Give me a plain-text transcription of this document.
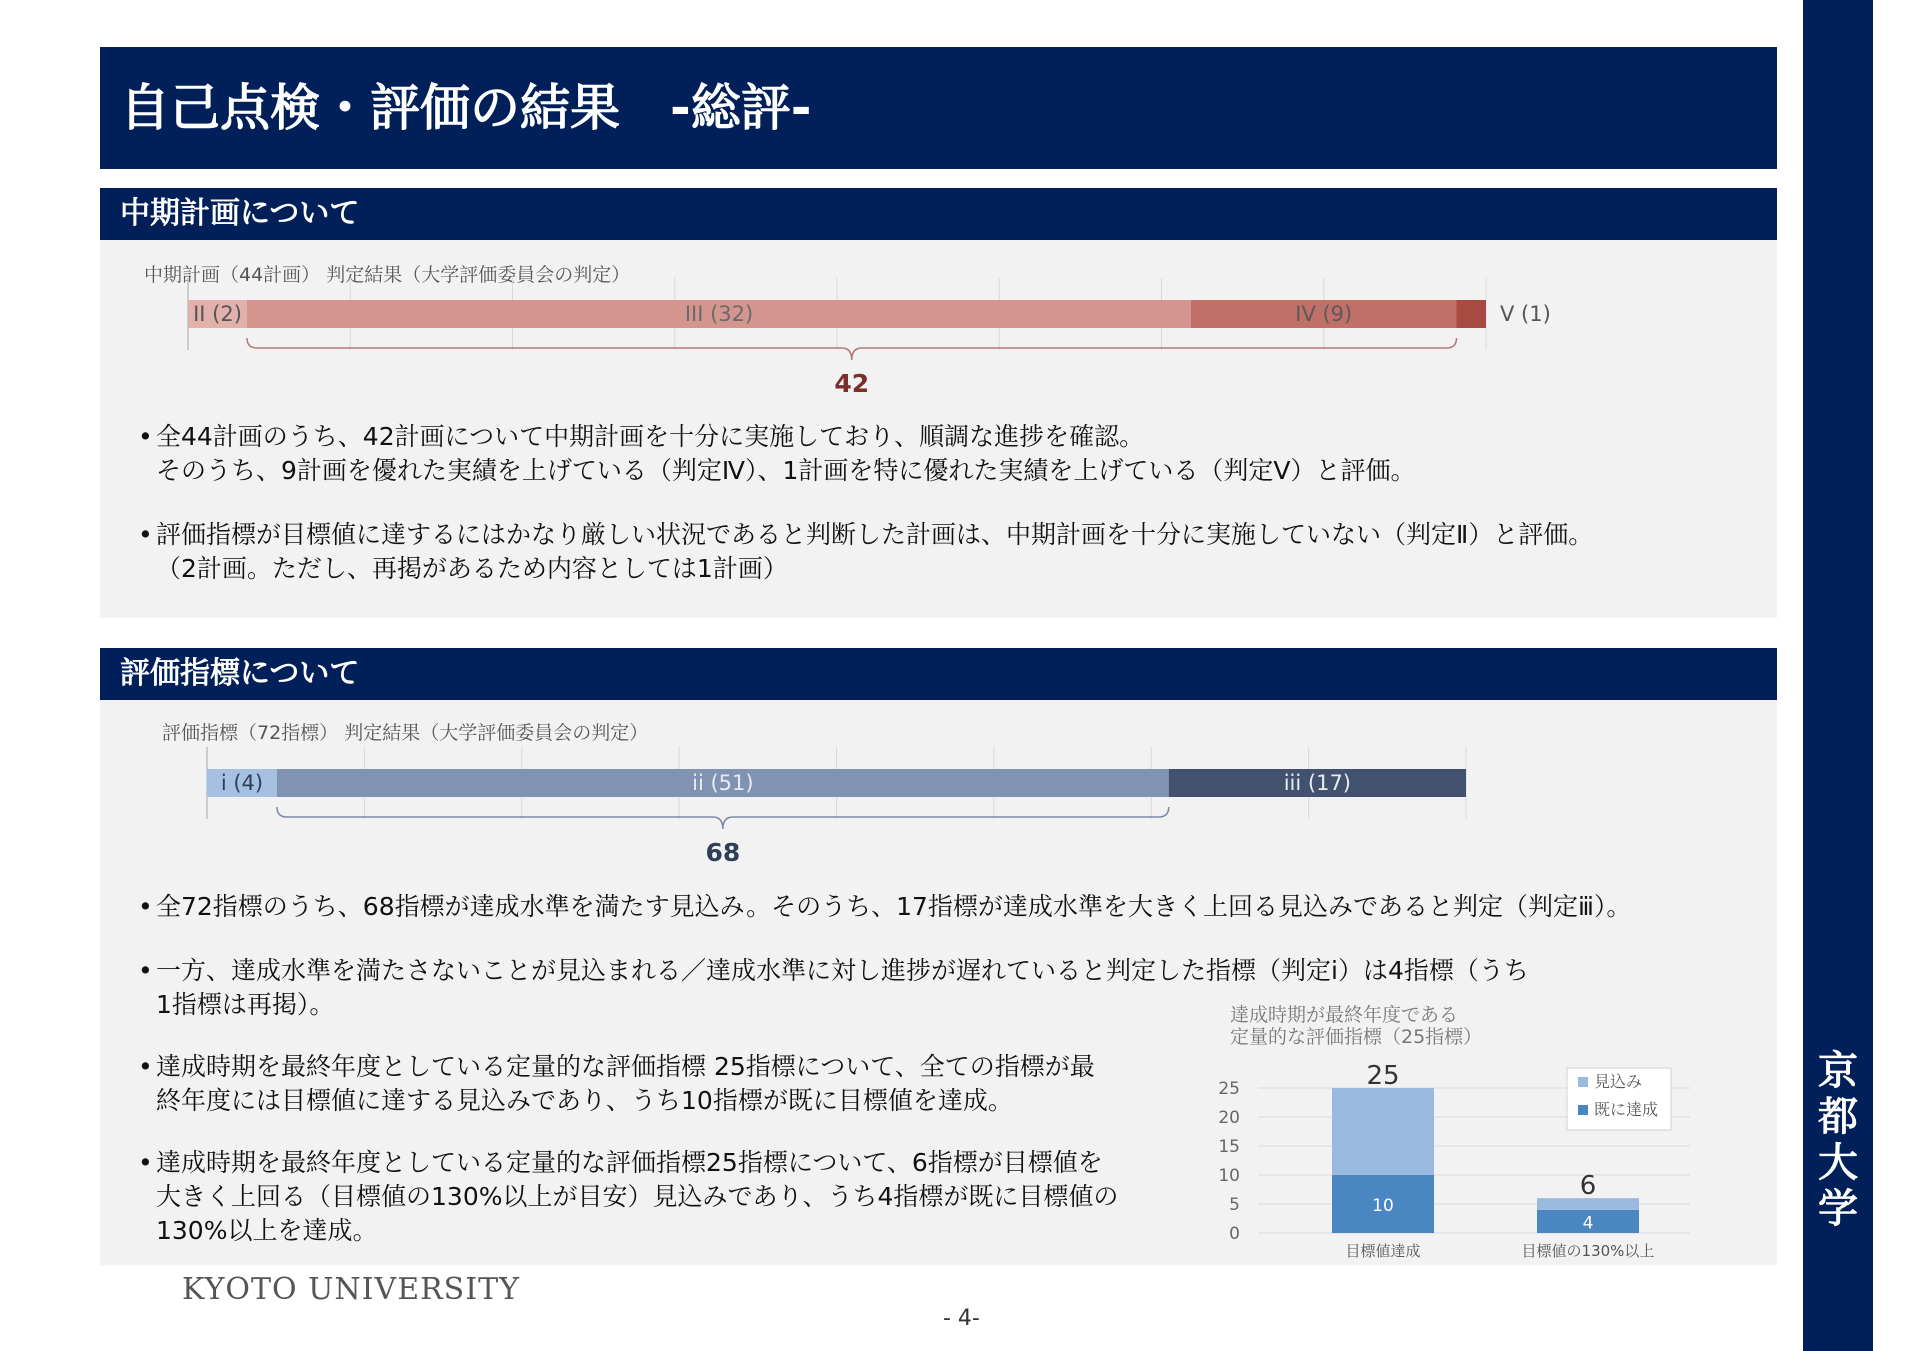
自己点検・評価の結果　-総評-
京
都
大
学
中期計画について
中期計画（44計画） 判定結果（大学評価委員会の判定）
• 全44計画のうち、42計画について中期計画を十分に実施しており、順調な進捗を確認。
そのうち、9計画を優れた実績を上げている（判定Ⅳ）、1計画を特に優れた実績を上げている（判定Ⅴ）と評価。
• 評価指標が目標値に達するにはかなり厳しい状況であると判断した計画は、中期計画を十分に実施していない（判定Ⅱ）と評価。
（2計画。ただし、再掲があるため内容としては1計画）
評価指標について
評価指標（72指標） 判定結果（大学評価委員会の判定）
• 全72指標のうち、68指標が達成水準を満たす見込み。そのうち、17指標が達成水準を大きく上回る見込みであると判定（判定ⅲ）。
• 一方、達成水準を満たさないことが見込まれる／達成水準に対し進捗が遅れていると判定した指標（判定ⅰ）は4指標（うち
1指標は再掲）。
• 達成時期を最終年度としている定量的な評価指標 25指標について、全ての指標が最
終年度には目標値に達する見込みであり、うち10指標が既に目標値を達成。
• 達成時期を最終年度としている定量的な評価指標25指標について、6指標が目標値を
大きく上回る（目標値の130%以上が目安）見込みであり、うち4指標が既に目標値の
130%以上を達成。
II (2)	III (32)	IV (9)	V (1)
42
i (4)	ii (51)	iii (17)
68
達成時期が最終年度である
定量的な評価指標（25指標）
0
5
10
15
20
25
10
25
目標値達成
4
6
目標値の130%以上
見込み
既に達成
KYOTO UNIVERSITY
- 4-
